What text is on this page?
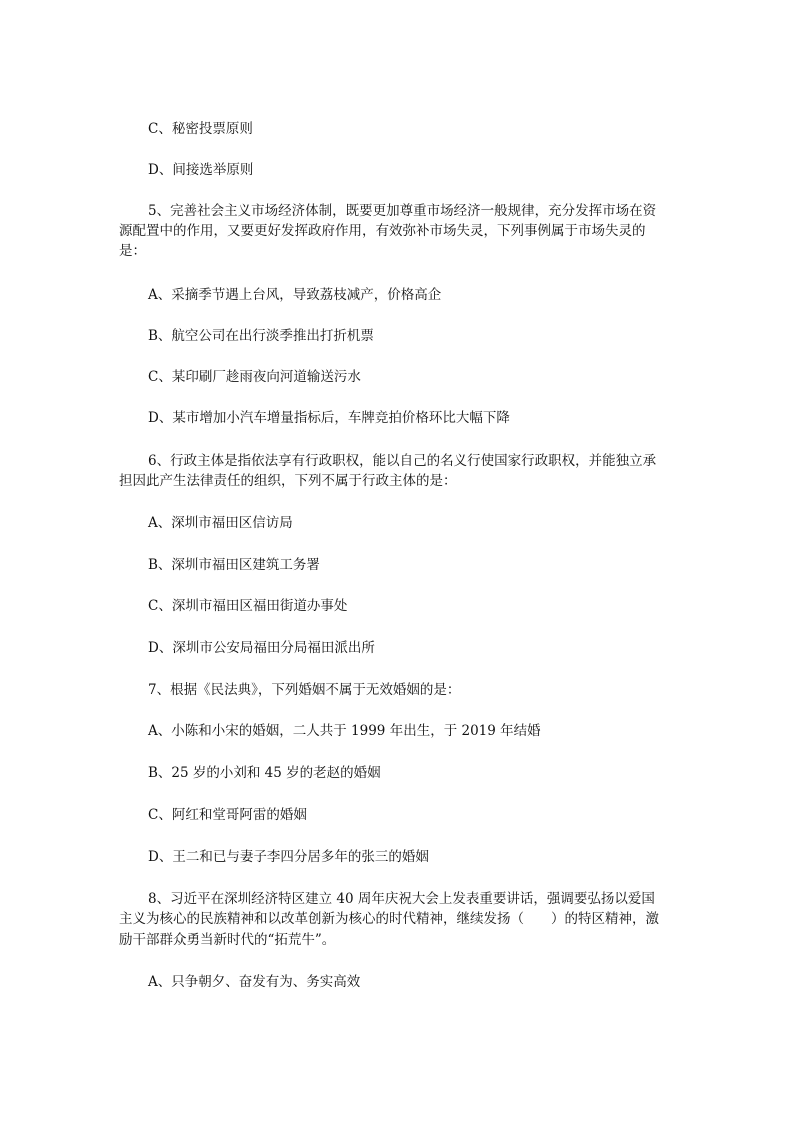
C、秘密投票原则
D、间接选举原则
5、完善社会主义市场经济体制，既要更加尊重市场经济一般规律，充分发挥市场在资
源配置中的作用，又要更好发挥政府作用，有效弥补市场失灵，下列事例属于市场失灵的
是：
A、采摘季节遇上台风，导致荔枝减产，价格高企
B、航空公司在出行淡季推出打折机票
C、某印刷厂趁雨夜向河道输送污水
D、某市增加小汽车增量指标后，车牌竞拍价格环比大幅下降
6、行政主体是指依法享有行政职权，能以自己的名义行使国家行政职权，并能独立承
担因此产生法律责任的组织，下列不属于行政主体的是：
A、深圳市福田区信访局
B、深圳市福田区建筑工务署
C、深圳市福田区福田街道办事处
D、深圳市公安局福田分局福田派出所
7、根据《民法典》，下列婚姻不属于无效婚姻的是：
A、小陈和小宋的婚姻，二人共于 1999 年出生，于 2019 年结婚
B、25 岁的小刘和 45 岁的老赵的婚姻
C、阿红和堂哥阿雷的婚姻
D、王二和已与妻子李四分居多年的张三的婚姻
8、习近平在深圳经济特区建立 40 周年庆祝大会上发表重要讲话，强调要弘扬以爱国
主义为核心的民族精神和以改革创新为核心的时代精神，继续发扬（　　）的特区精神，激
励干部群众勇当新时代的“拓荒牛”。
A、只争朝夕、奋发有为、务实高效
